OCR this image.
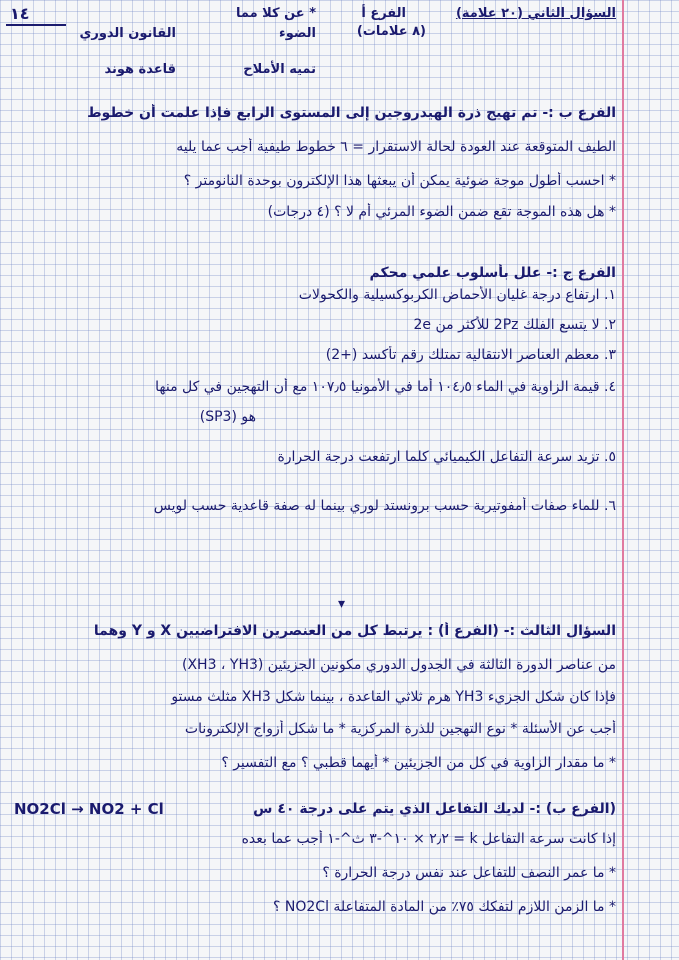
١٤	السؤال الثاني (٢٠ علامة)
الفرع أ
* عن كلا مما
(٨ علامات)
الضوء
القانون الدوري
تميه الأملاح
قاعدة هوند
الفرع ب :- تم تهيج ذرة الهيدروجين إلى المستوى الرابع فإذا علمت أن خطوط
الطيف المتوقعة عند العودة لحالة الاستقرار = ٦ خطوط طيفية أجب عما يليه
* احسب أطول موجة ضوئية يمكن أن يبعثها هذا الإلكترون بوحدة النانومتر ؟
* هل هذه الموجة تقع ضمن الضوء المرئي أم لا ؟ (٤ درجات)
الفرع ج :- علل بأسلوب علمي محكم
١. ارتفاع درجة غليان الأحماض الكربوكسيلية والكحولات
٢. لا يتسع الفلك 2Pz للأكثر من 2e
٣. معظم العناصر الانتقالية تمتلك رقم تأكسد (+2)
٤. قيمة الزاوية في الماء ١٠٤٫٥ أما في الأمونيا ١٠٧٫٥ مع أن التهجين في كل منها
هو (SP3)
٥. تزيد سرعة التفاعل الكيميائي كلما ارتفعت درجة الحرارة
٦. للماء صفات أمفوتيرية حسب برونستد لوري بينما له صفة قاعدية حسب لويس
▾
السؤال الثالث :- (الفرع أ) : يرتبط كل من العنصرين الافتراضيين X و Y وهما
من عناصر الدورة الثالثة في الجدول الدوري مكونين الجزيئين (XH3 ، YH3)
فإذا كان شكل الجزيء YH3 هرم ثلاثي القاعدة ، بينما شكل XH3 مثلث مستو
أجب عن الأسئلة * نوع التهجين للذرة المركزية * ما شكل أزواج الإلكترونات
* ما مقدار الزاوية في كل من الجزيئين * أيهما قطبي ؟ مع التفسير ؟
(الفرع ب) :- لديك التفاعل الذي يتم على درجة ٤٠ س
NO2Cl → NO2 + Cl
إذا كانت سرعة التفاعل k = ٢٫٢ × ١٠^-٣ ث^-١ أجب عما بعده
* ما عمر النصف للتفاعل عند نفس درجة الحرارة ؟
* ما الزمن اللازم لتفكك ٧٥٪ من المادة المتفاعلة NO2Cl ؟
